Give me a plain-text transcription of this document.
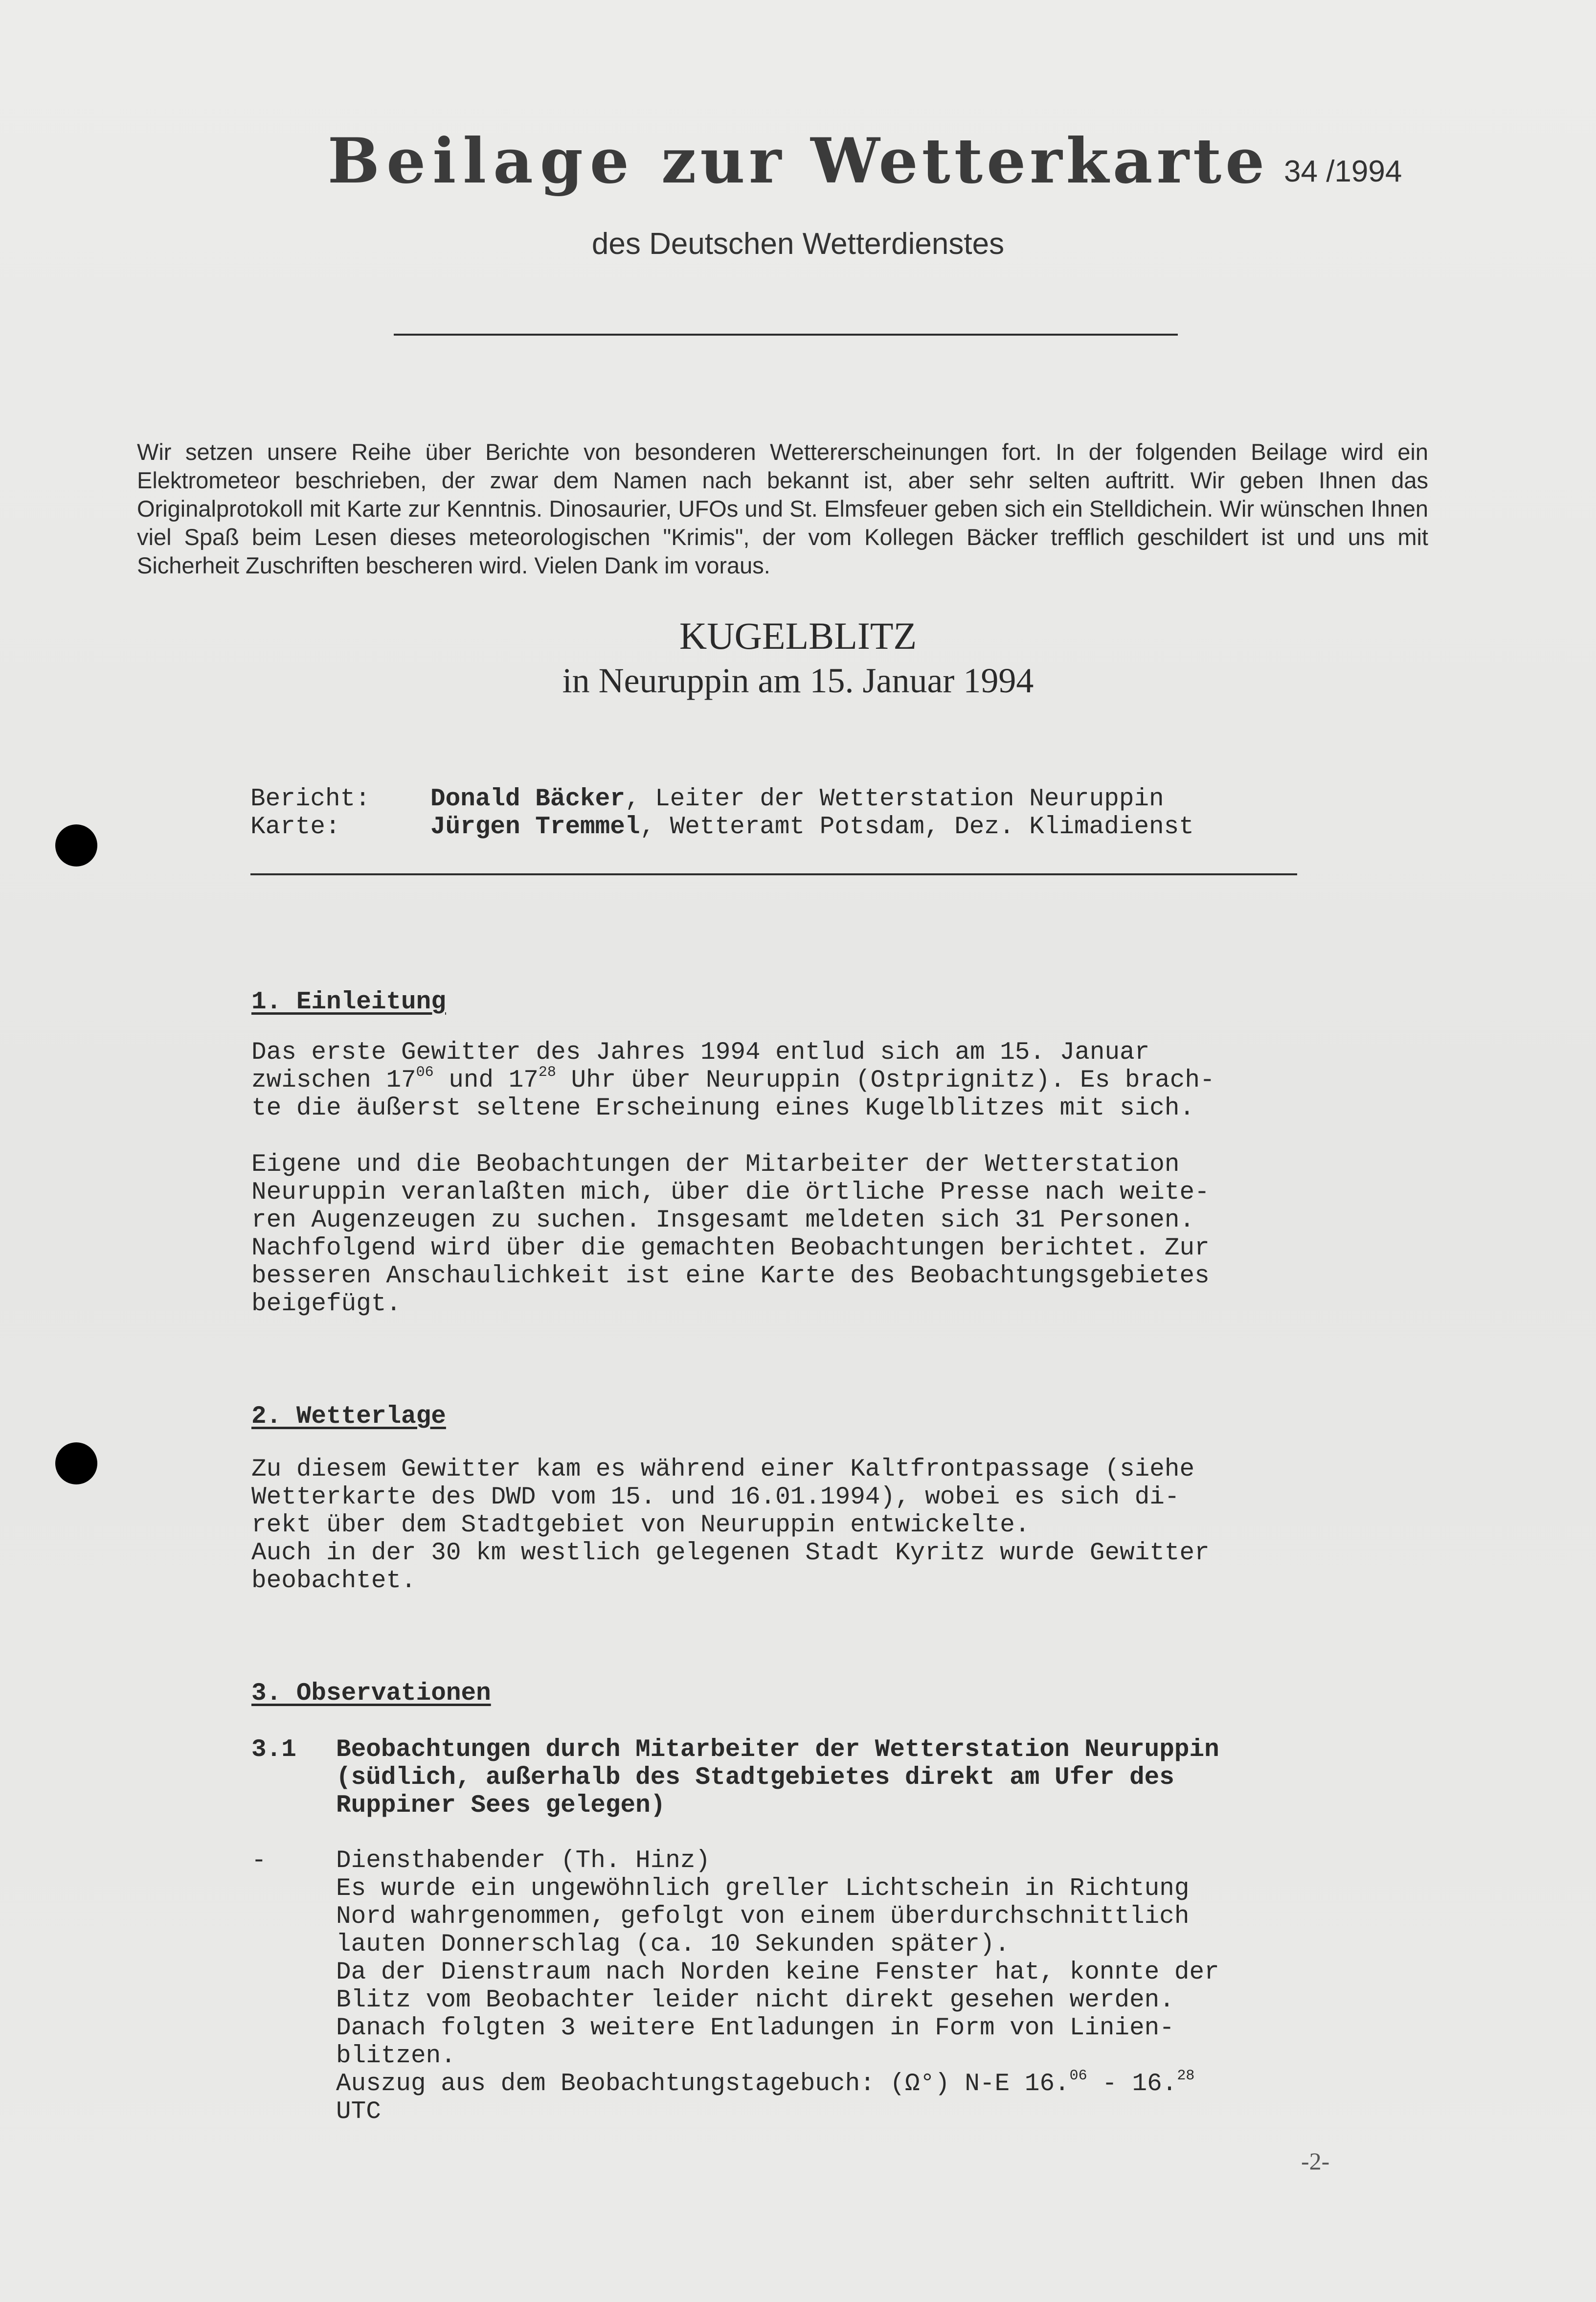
Beilage zur Wetterkarte 34 /1994
des Deutschen Wetterdienstes
Wir setzen unsere Reihe über Berichte von besonderen Wettererscheinungen fort. In der folgenden Beilage wird ein Elektrometeor beschrieben, der zwar dem Namen nach bekannt ist, aber sehr selten auftritt. Wir geben Ihnen das Originalprotokoll mit Karte zur Kenntnis. Dinosaurier, UFOs und St. Elmsfeuer geben sich ein Stelldichein. Wir wünschen Ihnen viel Spaß beim Lesen dieses meteorologischen "Krimis", der vom Kollegen Bäcker trefflich geschildert ist und uns mit Sicherheit Zuschriften bescheren wird. Vielen Dank im voraus.
KUGELBLITZ
in Neuruppin am 15. Januar 1994
Bericht:	Donald Bäcker, Leiter der Wetterstation Neuruppin
Karte:	Jürgen Tremmel, Wetteramt Potsdam, Dez. Klimadienst
1. Einleitung
Das erste Gewitter des Jahres 1994 entlud sich am 15. Januar
zwischen $17^{06}$ und $17^{28}$ Uhr über Neuruppin (Ostprignitz). Es brach-
te die äußerst seltene Erscheinung eines Kugelblitzes mit sich.
Eigene und die Beobachtungen der Mitarbeiter der Wetterstation
Neuruppin veranlaßten mich, über die örtliche Presse nach weite-
ren Augenzeugen zu suchen. Insgesamt meldeten sich 31 Personen.
Nachfolgend wird über die gemachten Beobachtungen berichtet. Zur
besseren Anschaulichkeit ist eine Karte des Beobachtungsgebietes
beigefügt.
2. Wetterlage
Zu diesem Gewitter kam es während einer Kaltfrontpassage (siehe
Wetterkarte des DWD vom 15. und 16.01.1994), wobei es sich di-
rekt über dem Stadtgebiet von Neuruppin entwickelte.
Auch in der 30 km westlich gelegenen Stadt Kyritz wurde Gewitter
beobachtet.
3. Observationen
3.1	Beobachtungen durch Mitarbeiter der Wetterstation Neuruppin
(südlich, außerhalb des Stadtgebietes direkt am Ufer des
Ruppiner Sees gelegen)
-	Diensthabender (Th. Hinz)
Es wurde ein ungewöhnlich greller Lichtschein in Richtung
Nord wahrgenommen, gefolgt von einem überdurchschnittlich
lauten Donnerschlag (ca. 10 Sekunden später).
Da der Dienstraum nach Norden keine Fenster hat, konnte der
Blitz vom Beobachter leider nicht direkt gesehen werden.
Danach folgten 3 weitere Entladungen in Form von Linien-
blitzen.
Auszug aus dem Beobachtungstagebuch: (Ω°) N-E 16.06 - 16.28
UTC
-2-
